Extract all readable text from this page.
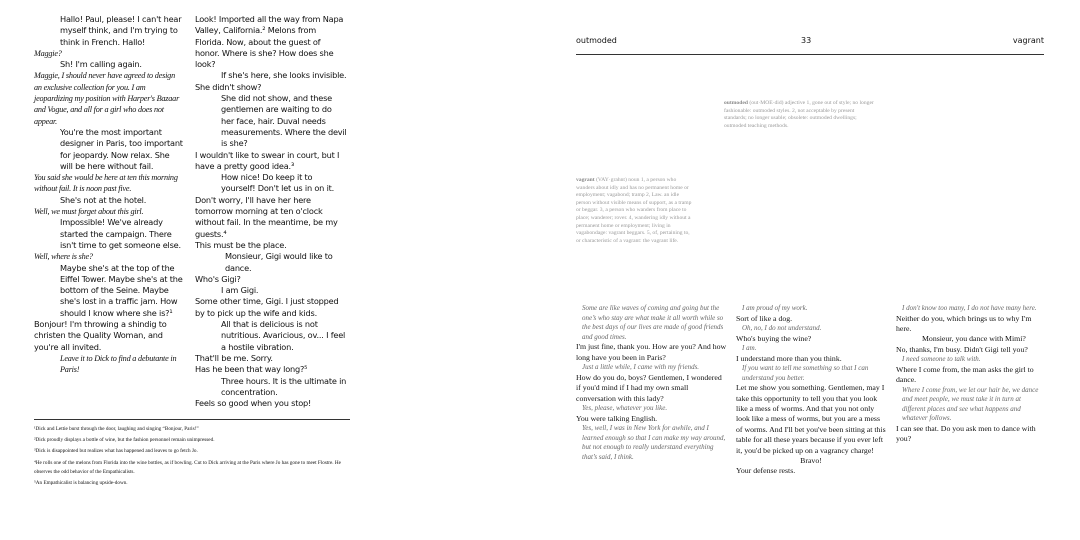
Hallo! Paul, please! I can't hear myself think, and I'm trying to think in French. Hallo!

Maggie?

Sh! I'm calling again.

Maggie, I should never have agreed to design an exclusive collection for you. I am jeopardizing my position with Harper's Bazaar and Vogue, and all for a girl who does not appear.

You're the most important designer in Paris, too important for jeopardy. Now relax. She will be here without fail.

You said she would be here at ten this morning without fail. It is noon past five.

She's not at the hotel.

Well, we must forget about this girl.

Impossible! We've already started the campaign. There isn't time to get someone else.

Well, where is she?

Maybe she's at the top of the Eiffel Tower. Maybe she's at the bottom of the Seine. Maybe she's lost in a traffic jam. How should I know where she is?¹

Bonjour! I'm throwing a shindig to christen the Quality Woman, and you're all invited.

Leave it to Dick to find a debutante in Paris!

Look! Imported all the way from Napa Valley, California.² Melons from Florida. Now, about the guest of honor. Where is she? How does she look?

If she's here, she looks invisible.

She didn't show?

She did not show, and these gentlemen are waiting to do her face, hair. Duval needs measurements. Where the devil is she?

I wouldn't like to swear in court, but I have a pretty good idea.³

How nice! Do keep it to yourself! Don't let us in on it.

Don't worry, I'll have her here tomorrow morning at ten o'clock without fail. In the meantime, be my guests.⁴

This must be the place.

Monsieur, Gigi would like to dance.

Who's Gigi?

I am Gigi.

Some other time, Gigi. I just stopped by to pick up the wife and kids.

All that is delicious is not nutritious. Avaricious, ov... I feel a hostile vibration.

That'll be me. Sorry.

Has he been that way long?⁵

Three hours. It is the ultimate in concentration.

Feels so good when you stop!

¹Dick and Lettie burst through the door, laughing and singing “Bonjour, Paris!”

²Dick proudly displays a bottle of wine, but the fashion personnel remain unimpressed.

³Dick is disappointed but realizes what has happened and leaves to go fetch Jo.

⁴He rolls one of the melons from Florida into the wine bottles, as if bowling. Cut to Dick arriving at the Paris where Jo has gone to meet Flostre. He observes the odd behavior of the Empathicalists.

⁵An Empathicalist is balancing upside-down.

outmoded	33	vagrant
outmoded (out·MOE·did) adjective 1, gone out of style; no longer fashionable: outmoded styles. 2, not acceptable by present standards; no longer usable; obsolete: outmoded dwellings; outmoded teaching methods.
vagrant (VAY·grahnt) noun 1, a person who wanders about idly and has no permanent home or employment; vagabond; tramp 2, Law. an idle person without visible means of support, as a tramp or beggar. 3, a person who wanders from place to place; wanderer; rover. 4, wandering idly without a permanent home or employment; living in vagabondage: vagrant beggars. 5, of, pertaining to, or characteristic of a vagrant: the vagrant life.

Some are like waves of coming and going but the one’s who stay are what make it all worth while so the best days of our lives are made of good friends and good times.

I'm just fine, thank you. How are you? And how long have you been in Paris?

Just a little while, I came with my friends.

How do you do, boys? Gentlemen, I wondered if you'd mind if I had my own small conversation with this lady?

Yes, please, whatever you like.

You were talking English.

Yes, well, I was in New York for awhile, and I learned enough so that I can make my way around, but not enough to really understand everything that’s said, I think.

I am proud of my work.

Sort of like a dog.

Oh, no, I do not understand.

Who's buying the wine?

I am.

I understand more than you think.

If you want to tell me something so that I can understand you better.

Let me show you something. Gentlemen, may I take this opportunity to tell you that you look like a mess of worms. And that you not only look like a mess of worms, but you are a mess of worms. And I'll bet you've been sitting at this table for all these years because if you ever left it, you'd be picked up on a vagrancy charge!

Bravo!

Your defense rests.

I don't know too many, I do not have many here.

Neither do you, which brings us to why I'm here.

Monsieur, you dance with Mimi?

No, thanks, I'm busy. Didn't Gigi tell you?

I need someone to talk with.

Where I come from, the man asks the girl to dance.

Where I come from, we let our hair be, we dance and meet people, we must take it in turn at different places and see what happens and whatever follows.

I can see that. Do you ask men to dance with you?
